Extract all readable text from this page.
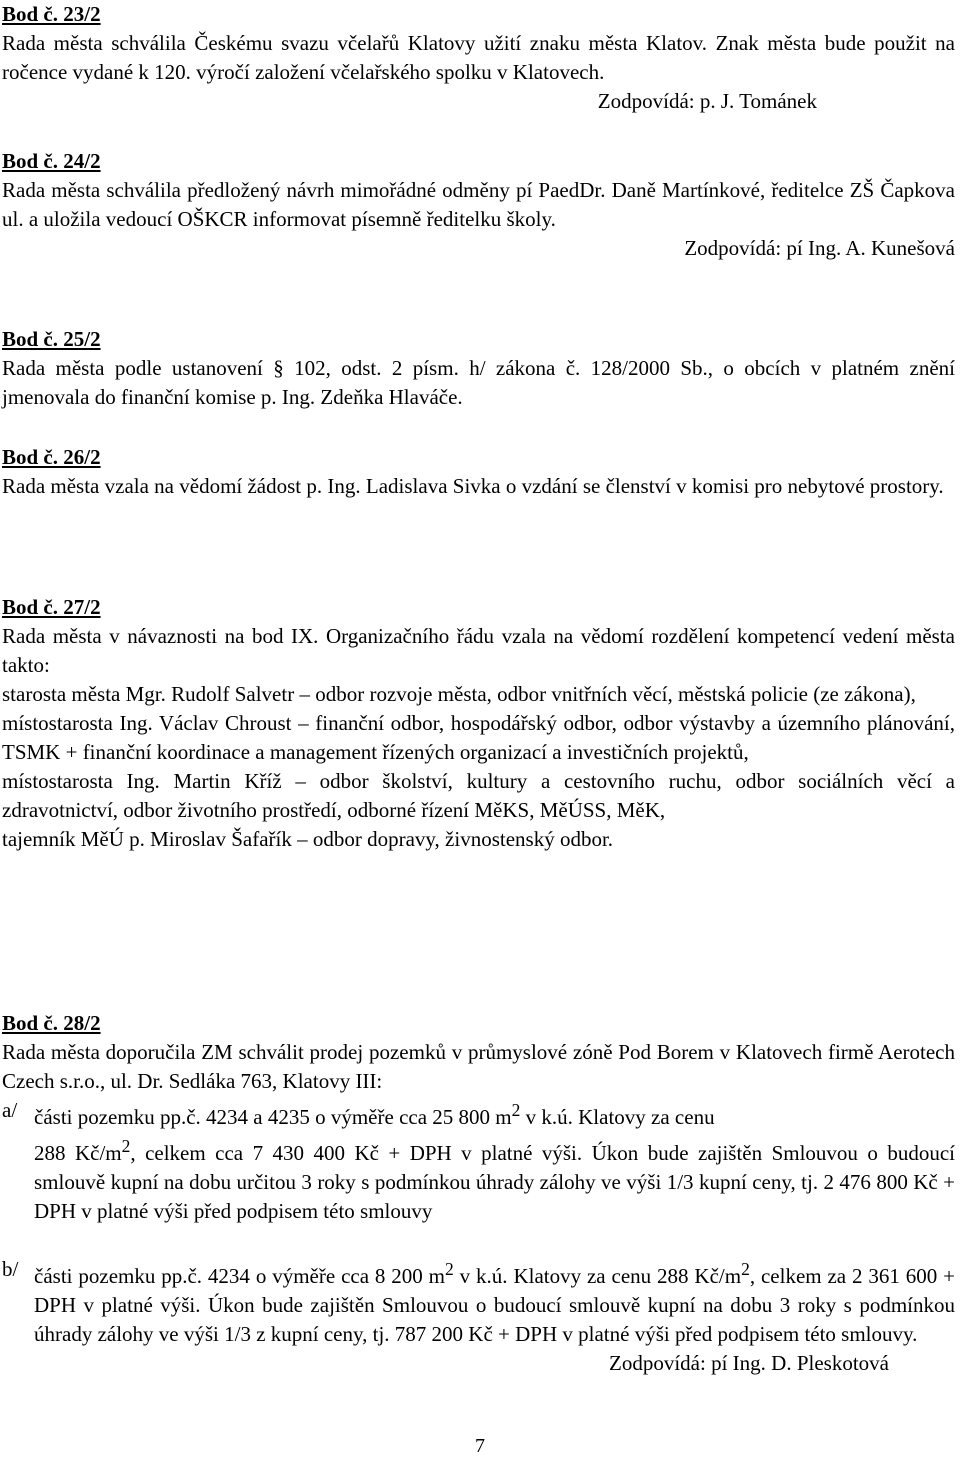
Bod č. 23/2
Rada města schválila Českému svazu včelařů Klatovy užití znaku města Klatov. Znak města bude použit na ročence vydané k 120. výročí založení včelařského spolku v Klatovech.
Zodpovídá: p. J. Tománek
Bod č. 24/2
Rada města schválila předložený návrh mimořádné odměny pí PaedDr. Daně Martínkové, ředitelce ZŠ Čapkova ul. a uložila vedoucí OŠKCR informovat písemně ředitelku školy.
Zodpovídá: pí Ing. A. Kunešová
Bod č. 25/2
Rada města podle ustanovení § 102, odst. 2 písm. h/ zákona č. 128/2000 Sb., o obcích v platném znění jmenovala do finanční komise p. Ing. Zdeňka Hlaváče.
Bod č. 26/2
Rada města vzala na vědomí žádost p. Ing. Ladislava Sivka o vzdání se členství v komisi pro nebytové prostory.
Bod č. 27/2
Rada města v návaznosti na bod IX. Organizačního řádu vzala na vědomí rozdělení kompetencí vedení města takto:
starosta města Mgr. Rudolf Salvetr – odbor rozvoje města, odbor vnitřních věcí, městská policie (ze zákona),
místostarosta Ing. Václav Chroust – finanční odbor, hospodářský odbor, odbor výstavby a územního plánování, TSMK + finanční koordinace a management řízených organizací a investičních projektů,
místostarosta Ing. Martin Kříž – odbor školství, kultury a cestovního ruchu, odbor sociálních věcí a zdravotnictví, odbor životního prostředí, odborné řízení MěKS, MěÚSS, MěK,
tajemník MěÚ p. Miroslav Šafařík – odbor dopravy, živnostenský odbor.
Bod č. 28/2
Rada města doporučila ZM schválit prodej pozemků v průmyslové zóně Pod Borem v Klatovech firmě Aerotech Czech s.r.o., ul. Dr. Sedláka 763, Klatovy III:
a/ části pozemku pp.č. 4234 a 4235 o výměře cca 25 800 $m^2$ v k.ú. Klatovy za cenu
288 $Kč/m^2$, celkem cca 7 430 400 Kč + DPH v platné výši. Úkon bude zajištěn Smlouvou o budoucí smlouvě kupní na dobu určitou 3 roky s podmínkou úhrady zálohy ve výši 1/3 kupní ceny, tj. 2 476 800 Kč + DPH v platné výši před podpisem této smlouvy
b/ části pozemku pp.č. 4234 o výměře cca 8 200 $m^2$ v k.ú. Klatovy za cenu 288 $Kč/m^2$, celkem za 2 361 600 + DPH v platné výši. Úkon bude zajištěn Smlouvou o budoucí smlouvě kupní na dobu 3 roky s podmínkou úhrady zálohy ve výši 1/3 z kupní ceny, tj. 787 200 Kč + DPH v platné výši před podpisem této smlouvy.
Zodpovídá: pí Ing. D. Pleskotová
7
